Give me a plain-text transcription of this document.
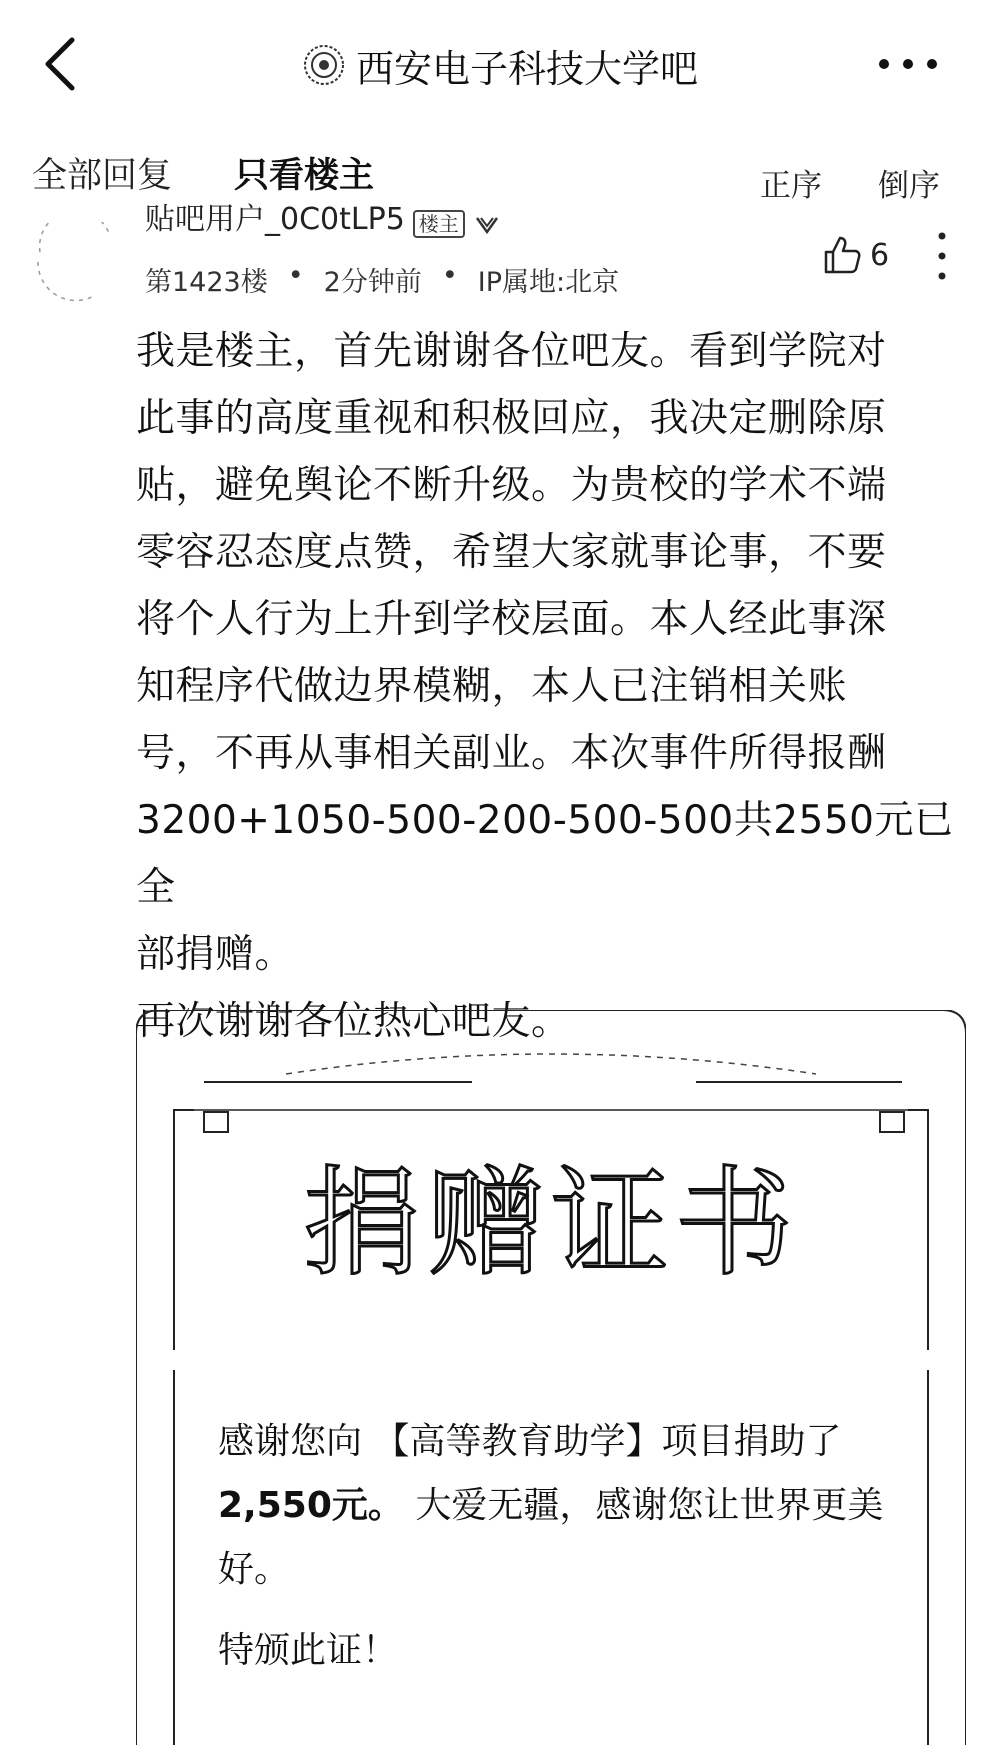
西安电子科技大学吧
全部回复 只看楼主	正序 倒序
贴吧用户_0C0tLP5 楼主
第1423楼 • 2分钟前 • IP属地:北京
6

我是楼主，首先谢谢各位吧友。看到学院对

此事的高度重视和积极回应，我决定删除原

贴，避免舆论不断升级。为贵校的学术不端

零容忍态度点赞，希望大家就事论事，不要

将个人行为上升到学校层面。本人经此事深

知程序代做边界模糊，本人已注销相关账

号，不再从事相关副业。本次事件所得报酬

3200+1050-500-200-500-500共2550元已全

部捐赠。

再次谢谢各位热心吧友。

捐赠证书
感谢您向 【高等教育助学】项目捐助了 2,550元。 大爱无疆，感谢您让世界更美好。
特颁此证！
